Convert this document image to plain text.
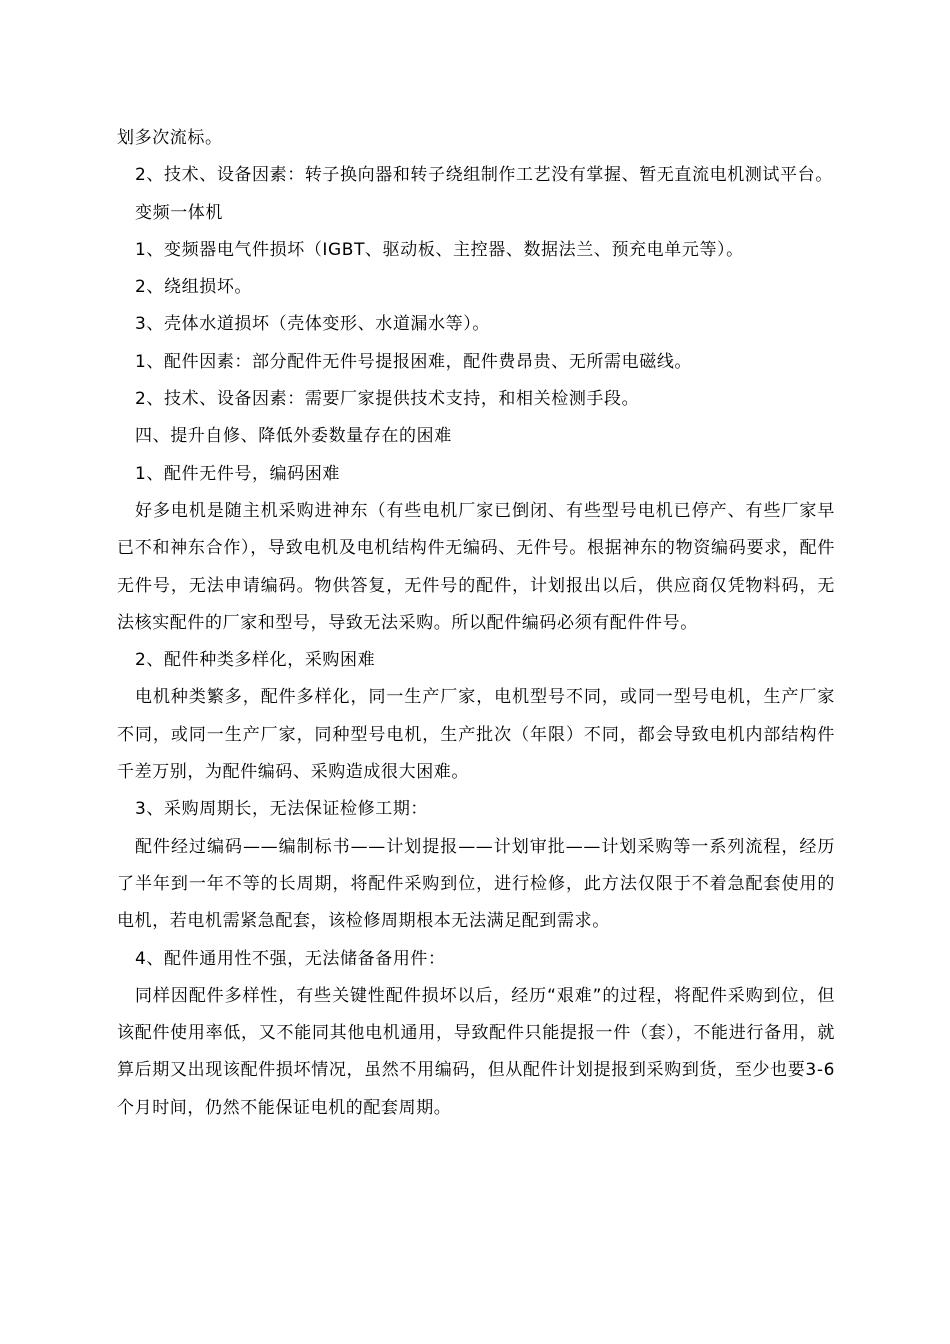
划多次流标。

2、技术、设备因素：转子换向器和转子绕组制作工艺没有掌握、暂无直流电机测试平台。

变频一体机

1、变频器电气件损坏（IGBT、驱动板、主控器、数据法兰、预充电单元等）。

2、绕组损坏。

3、壳体水道损坏（壳体变形、水道漏水等）。

1、配件因素：部分配件无件号提报困难，配件费昂贵、无所需电磁线。

2、技术、设备因素：需要厂家提供技术支持，和相关检测手段。

四、提升自修、降低外委数量存在的困难

1、配件无件号，编码困难

好多电机是随主机采购进神东（有些电机厂家已倒闭、有些型号电机已停产、有些厂家早已不和神东合作），导致电机及电机结构件无编码、无件号。根据神东的物资编码要求，配件无件号，无法申请编码。物供答复，无件号的配件，计划报出以后，供应商仅凭物料码，无法核实配件的厂家和型号，导致无法采购。所以配件编码必须有配件件号。

2、配件种类多样化，采购困难

电机种类繁多，配件多样化，同一生产厂家，电机型号不同，或同一型号电机，生产厂家不同，或同一生产厂家，同种型号电机，生产批次（年限）不同，都会导致电机内部结构件千差万别，为配件编码、采购造成很大困难。

3、采购周期长，无法保证检修工期：

配件经过编码——编制标书——计划提报——计划审批——计划采购等一系列流程，经历了半年到一年不等的长周期，将配件采购到位，进行检修，此方法仅限于不着急配套使用的电机，若电机需紧急配套，该检修周期根本无法满足配到需求。

4、配件通用性不强，无法储备备用件：

同样因配件多样性，有些关键性配件损坏以后，经历“艰难”的过程，将配件采购到位，但该配件使用率低，又不能同其他电机通用，导致配件只能提报一件（套），不能进行备用，就算后期又出现该配件损坏情况，虽然不用编码，但从配件计划提报到采购到货，至少也要3-6个月时间，仍然不能保证电机的配套周期。
